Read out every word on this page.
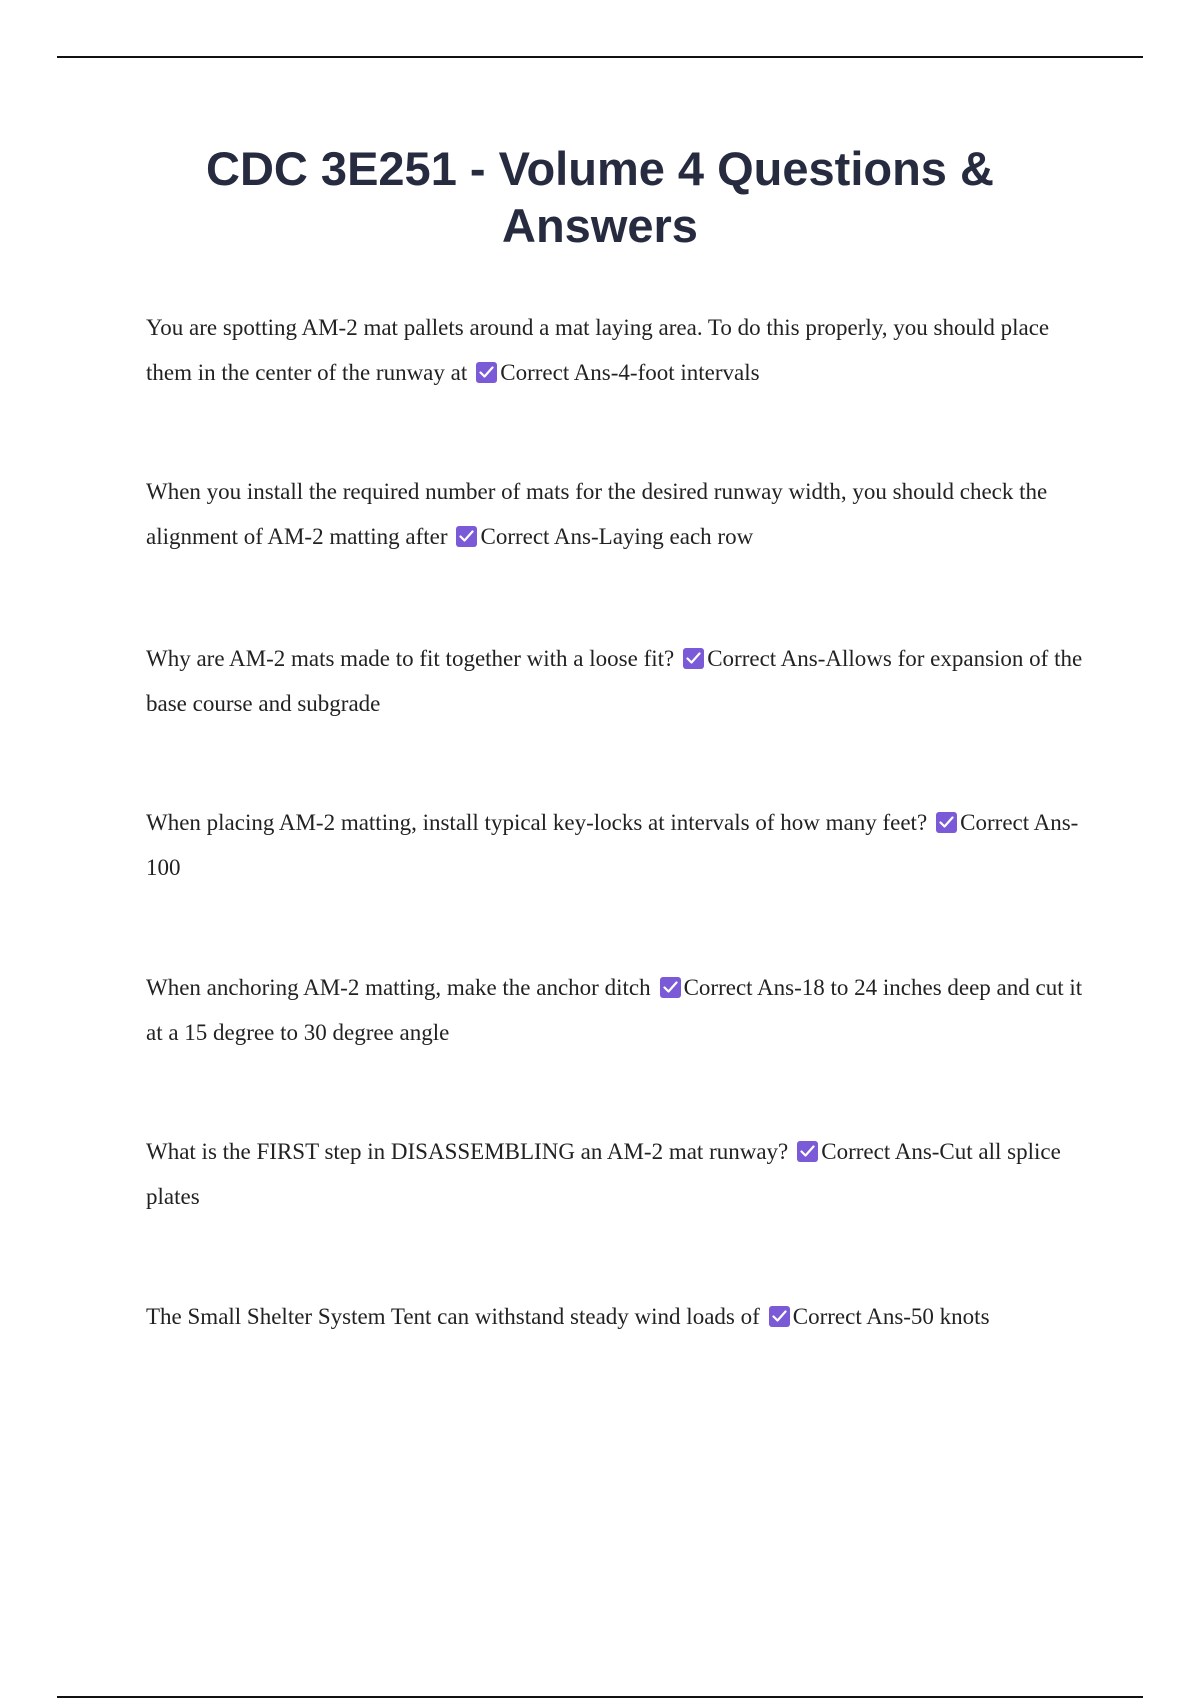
CDC 3E251 - Volume 4 Questions & Answers

You are spotting AM-2 mat pallets around a mat laying area. To do this properly, you should place them in the center of the runway at Correct Ans-4-foot intervals

When you install the required number of mats for the desired runway width, you should check the alignment of AM-2 matting after Correct Ans-Laying each row

Why are AM-2 mats made to fit together with a loose fit? Correct Ans-Allows for expansion of the base course and subgrade

When placing AM-2 matting, install typical key-locks at intervals of how many feet? Correct Ans-100

When anchoring AM-2 matting, make the anchor ditch Correct Ans-18 to 24 inches deep and cut it at a 15 degree to 30 degree angle

What is the FIRST step in DISASSEMBLING an AM-2 mat runway? Correct Ans-Cut all splice plates

The Small Shelter System Tent can withstand steady wind loads of Correct Ans-50 knots
